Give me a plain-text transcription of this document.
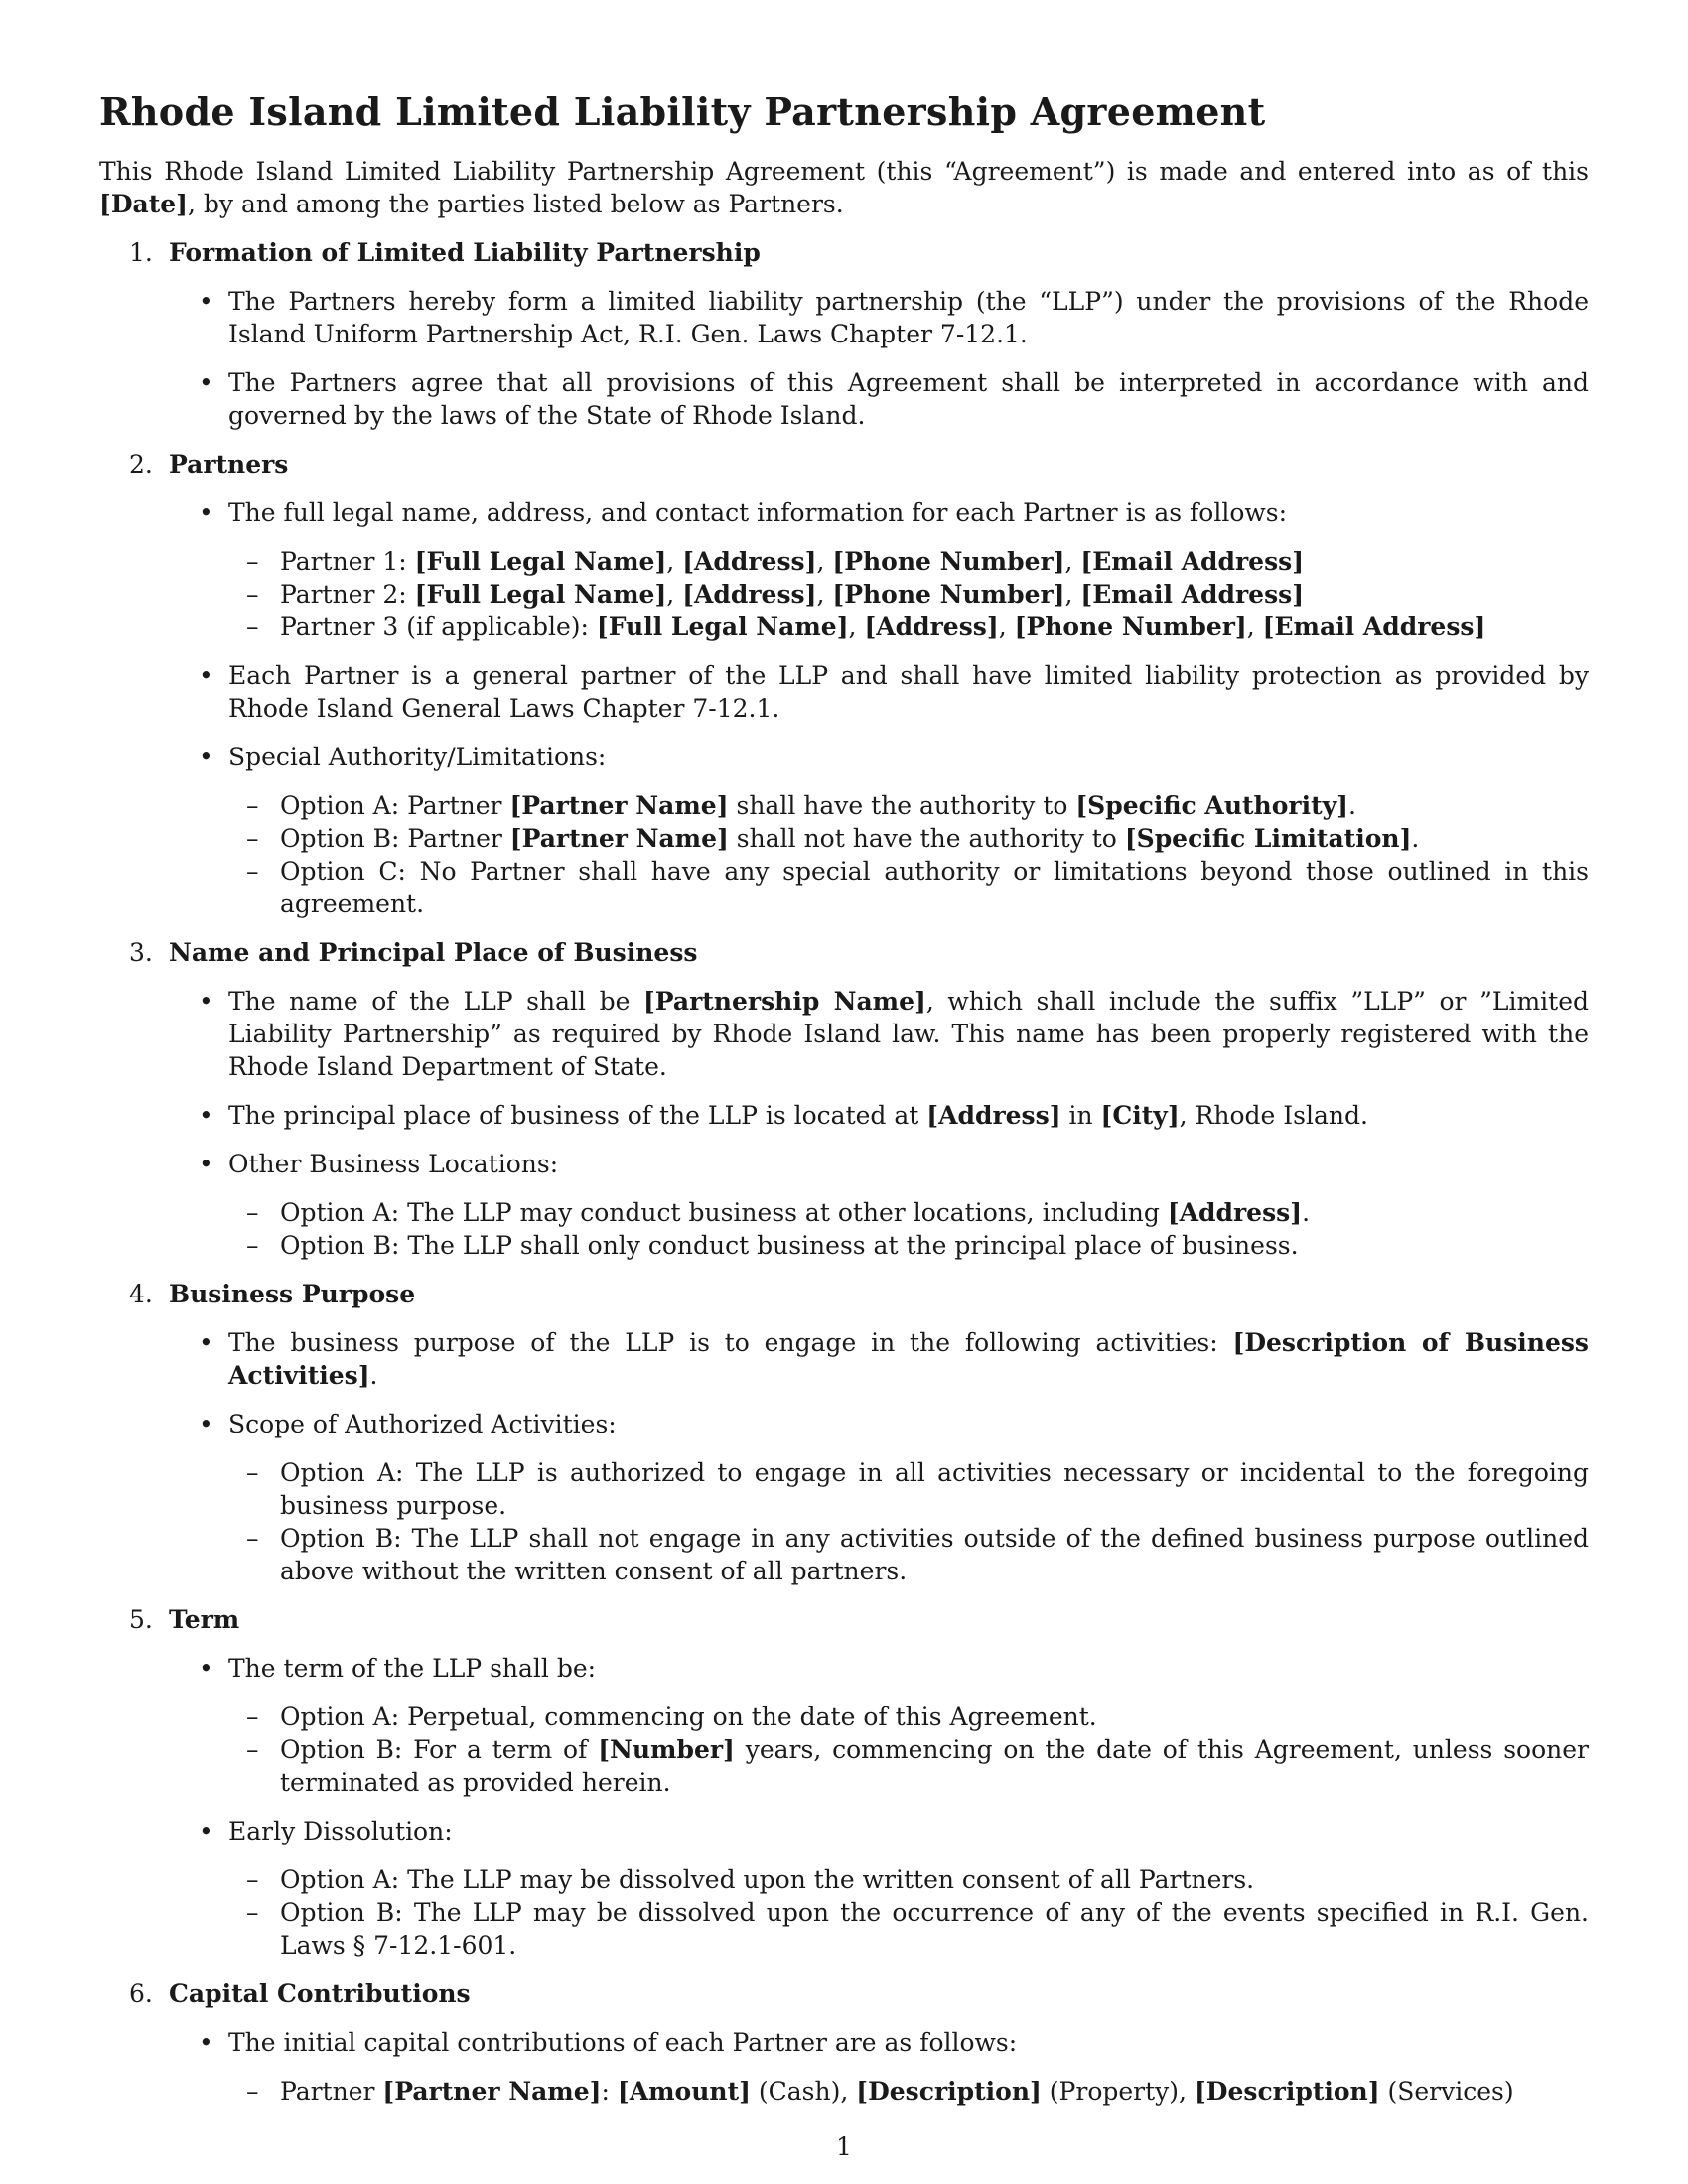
Rhode Island Limited Liability Partnership Agreement

This Rhode Island Limited Liability Partnership Agreement (this “Agreement”) is made and entered into as of this [Date], by and among the parties listed below as Partners.

1. Formation of Limited Liability Partnership
• The Partners hereby form a limited liability partnership (the “LLP”) under the provisions of the Rhode Island Uniform Partnership Act, R.I. Gen. Laws Chapter 7-12.1.
• The Partners agree that all provisions of this Agreement shall be interpreted in accordance with and governed by the laws of the State of Rhode Island.
2. Partners
• The full legal name, address, and contact information for each Partner is as follows:
– Partner 1: [Full Legal Name], [Address], [Phone Number], [Email Address]
– Partner 2: [Full Legal Name], [Address], [Phone Number], [Email Address]
– Partner 3 (if applicable): [Full Legal Name], [Address], [Phone Number], [Email Address]
• Each Partner is a general partner of the LLP and shall have limited liability protection as provided by Rhode Island General Laws Chapter 7-12.1.
• Special Authority/Limitations:
– Option A: Partner [Partner Name] shall have the authority to [Specific Authority].
– Option B: Partner [Partner Name] shall not have the authority to [Specific Limitation].
– Option C: No Partner shall have any special authority or limitations beyond those outlined in this agreement.
3. Name and Principal Place of Business
• The name of the LLP shall be [Partnership Name], which shall include the suffix ”LLP” or ”Limited Liability Partnership” as required by Rhode Island law. This name has been properly registered with the Rhode Island Department of State.
• The principal place of business of the LLP is located at [Address] in [City], Rhode Island.
• Other Business Locations:
– Option A: The LLP may conduct business at other locations, including [Address].
– Option B: The LLP shall only conduct business at the principal place of business.
4. Business Purpose
• The business purpose of the LLP is to engage in the following activities: [Description of Business Activities].
• Scope of Authorized Activities:
– Option A: The LLP is authorized to engage in all activities necessary or incidental to the foregoing business purpose.
– Option B: The LLP shall not engage in any activities outside of the defined business purpose outlined above without the written consent of all partners.
5. Term
• The term of the LLP shall be:
– Option A: Perpetual, commencing on the date of this Agreement.
– Option B: For a term of [Number] years, commencing on the date of this Agreement, unless sooner terminated as provided herein.
• Early Dissolution:
– Option A: The LLP may be dissolved upon the written consent of all Partners.
– Option B: The LLP may be dissolved upon the occurrence of any of the events specified in R.I. Gen. Laws § 7-12.1-601.
6. Capital Contributions
• The initial capital contributions of each Partner are as follows:
– Partner [Partner Name]: [Amount] (Cash), [Description] (Property), [Description] (Services)
1
